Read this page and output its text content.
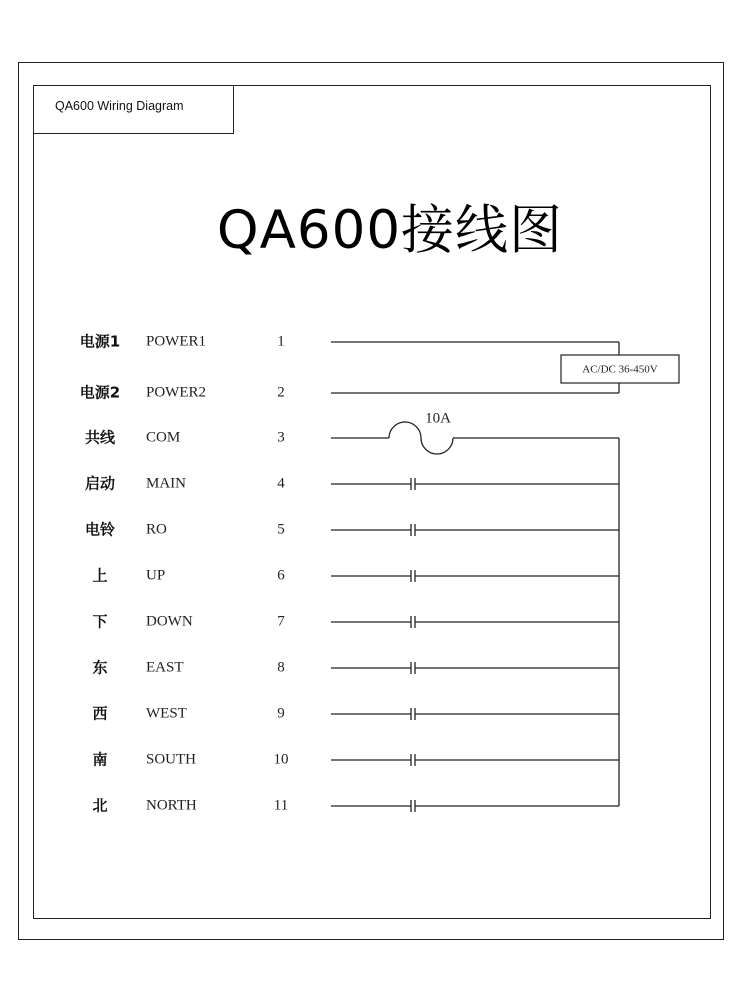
QA600 Wiring Diagram
QA600接线图
电源1 POWER1	1
电源2 POWER2	2
共线 COM	3
10A
启动 MAIN	4
电铃 RO	5
上	UP	6
下	DOWN	7
东	EAST	8
西	WEST	9
南	SOUTH	10
北	NORTH	11
AC/DC 36-450V
